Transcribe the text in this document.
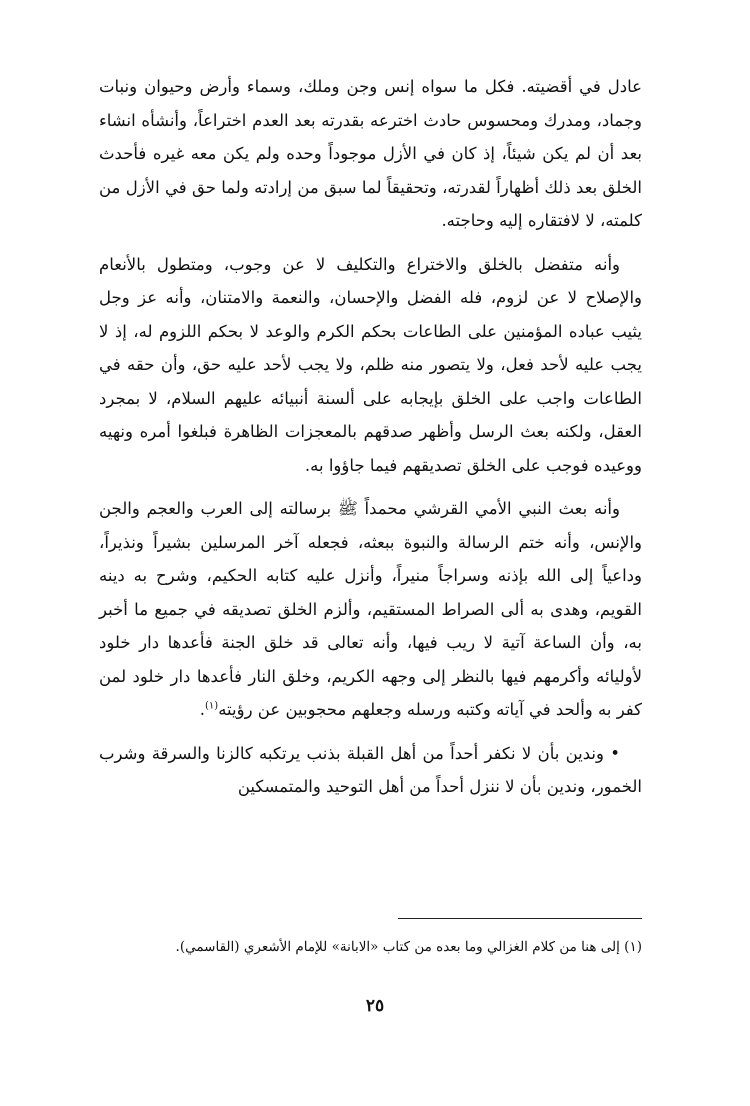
عادل في أقضيته. فكل ما سواه إنس وجن وملك، وسماء وأرض وحيوان ونبات وجماد، ومدرك ومحسوس حادث اخترعه بقدرته بعد العدم اختراعاً، وأنشأه انشاء بعد أن لم يكن شيئاً، إذ كان في الأزل موجوداً وحده ولم يكن معه غيره فأحدث الخلق بعد ذلك أظهاراً لقدرته، وتحقيقاً لما سبق من إرادته ولما حق في الأزل من كلمته، لا لافتقاره إليه وحاجته.

وأنه متفضل بالخلق والاختراع والتكليف لا عن وجوب، ومتطول بالأنعام والإصلاح لا عن لزوم، فله الفضل والإحسان، والنعمة والامتنان، وأنه عز وجل يثيب عباده المؤمنين على الطاعات بحكم الكرم والوعد لا بحكم اللزوم له، إذ لا يجب عليه لأحد فعل، ولا يتصور منه ظلم، ولا يجب لأحد عليه حق، وأن حقه في الطاعات واجب على الخلق بإيجابه على ألسنة أنبيائه عليهم السلام، لا بمجرد العقل، ولكنه بعث الرسل وأظهر صدقهم بالمعجزات الظاهرة فبلغوا أمره ونهيه ووعيده فوجب على الخلق تصديقهم فيما جاؤوا به.

وأنه بعث النبي الأمي القرشي محمداً ﷺ برسالته إلى العرب والعجم والجن والإنس، وأنه ختم الرسالة والنبوة ببعثه، فجعله آخر المرسلين بشيراً ونذيراً، وداعياً إلى الله بإذنه وسراجاً منيراً، وأنزل عليه كتابه الحكيم، وشرح به دينه القويم، وهدى به ألى الصراط المستقيم، وألزم الخلق تصديقه في جميع ما أخبر به، وأن الساعة آتية لا ريب فيها، وأنه تعالى قد خلق الجنة فأعدها دار خلود لأوليائه وأكرمهم فيها بالنظر إلى وجهه الكريم، وخلق النار فأعدها دار خلود لمن كفر به وألحد في آياته وكتبه ورسله وجعلهم محجوبين عن رؤيته$^{(١)}$.

• وندين بأن لا نكفر أحداً من أهل القبلة بذنب يرتكبه كالزنا والسرقة وشرب الخمور، وندين بأن لا ننزل أحداً من أهل التوحيد والمتمسكين

(١) إلى هنا من كلام الغزالي وما بعده من كتاب «الابانة» للإمام الأشعري (القاسمي).

٢٥
